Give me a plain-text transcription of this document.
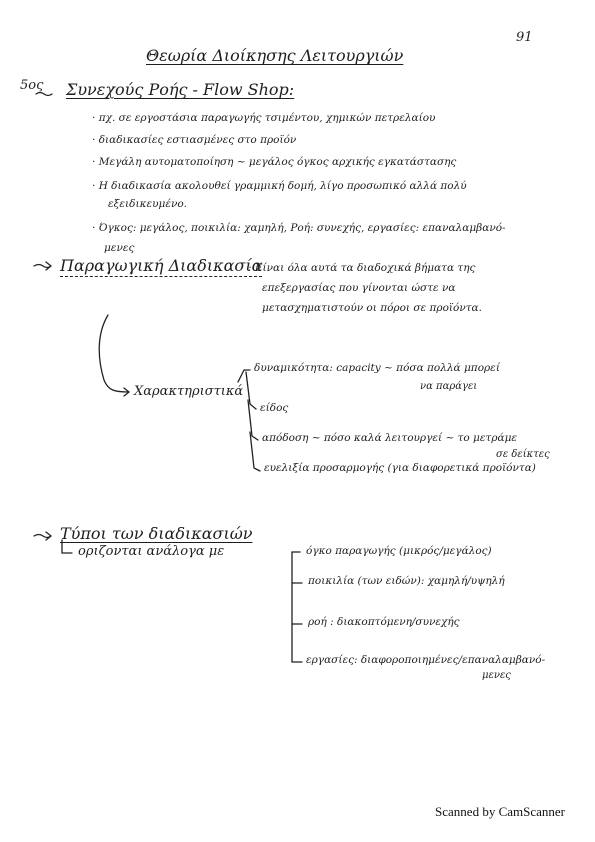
91
Θεωρία Διοίκησης Λειτουργιών
5ος Συνεχούς Ροής - Flow Shop:
· πχ. σε εργοστάσια παραγωγής τσιμέντου, χημικών πετρελαίου
· διαδικασίες εστιασμένες στο προϊόν
· Μεγάλη αυτοματοποίηση ~ μεγάλος όγκος αρχικής εγκατάστασης
· Η διαδικασία ακολουθεί γραμμική δομή, λίγο προσωπικό αλλά πολύ
εξειδικευμένο.
· Όγκος: μεγάλος, ποικιλία: χαμηλή, Ροή: συνεχής, εργασίες: επαναλαμβανό-
μενες
Παραγωγική Διαδικασία
: Είναι όλα αυτά τα διαδοχικά βήματα της
επεξεργασίας που γίνονται ώστε να
μετασχηματιστούν οι πόροι σε προϊόντα.
Χαρακτηριστικά
δυναμικότητα: capacity ~ πόσα πολλά μπορεί
να παράγει
είδος
απόδοση ~ πόσο καλά λειτουργεί ~ το μετράμε
σε δείκτες
ευελιξία προσαρμογής (για διαφορετικά προϊόντα)
Τύποι των διαδικασιών
οριζονται ανάλογα με	όγκο παραγωγής (μικρός/μεγάλος)
ποικιλία (των ειδών): χαμηλή/υψηλή
ροή : διακοπτόμενη/συνεχής
εργασίες: διαφοροποιημένες/επαναλαμβανό-
μενες
Scanned by CamScanner
